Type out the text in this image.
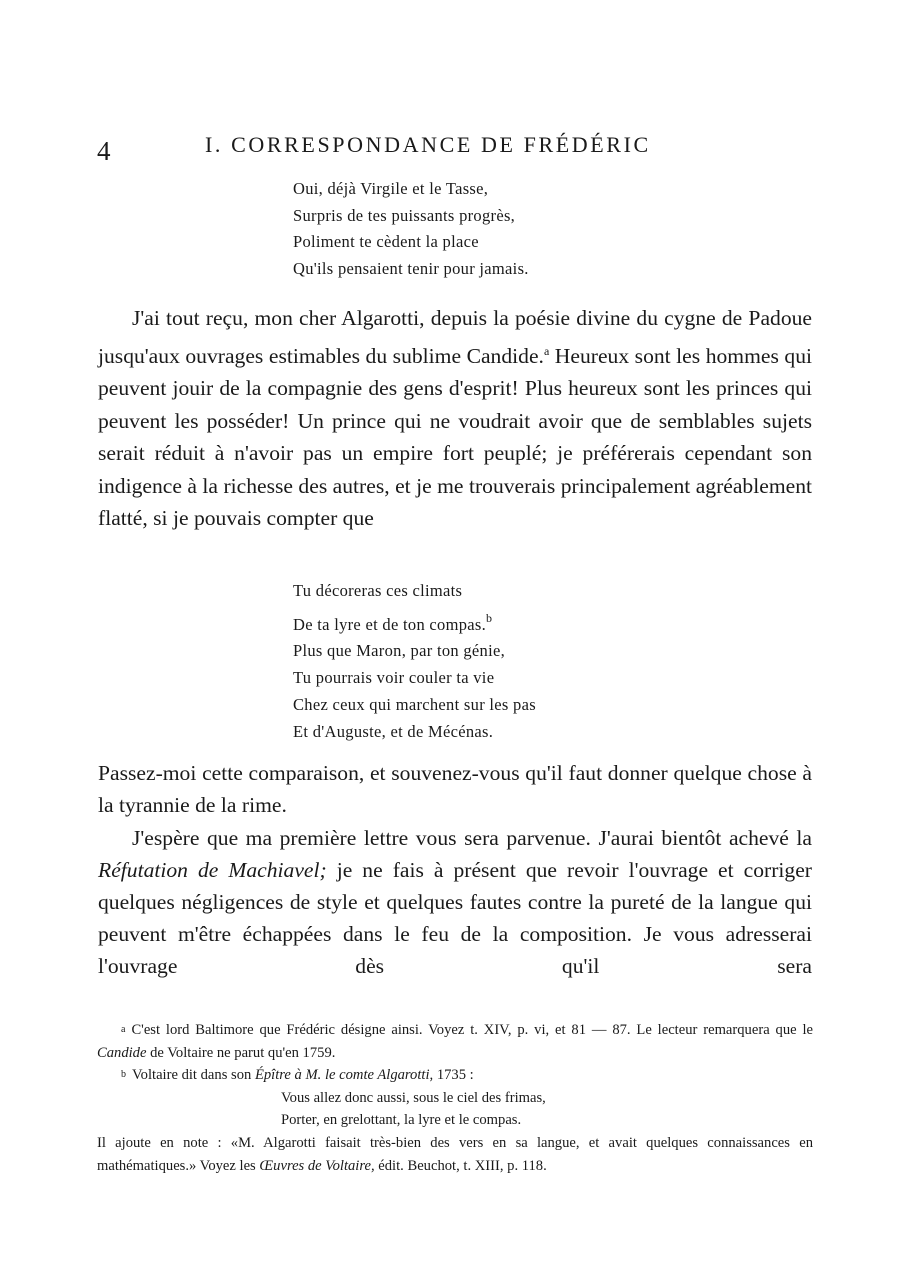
4	I. CORRESPONDANCE DE FRÉDÉRIC
Oui, déjà Virgile et le Tasse,
Surpris de tes puissants progrès,
Poliment te cèdent la place
Qu'ils pensaient tenir pour jamais.
J'ai tout reçu, mon cher Algarotti, depuis la poésie divine du cygne de Padoue jusqu'aux ouvrages estimables du sublime Candide.$^a$ Heureux sont les hommes qui peuvent jouir de la compagnie des gens d'esprit! Plus heureux sont les princes qui peuvent les posséder! Un prince qui ne voudrait avoir que de semblables sujets serait réduit à n'avoir pas un empire fort peuplé; je préférerais cependant son indigence à la richesse des autres, et je me trouverais principalement agréablement flatté, si je pouvais compter que
Tu décoreras ces climats
De ta lyre et de ton compas.$^b$
Plus que Maron, par ton génie,
Tu pourrais voir couler ta vie
Chez ceux qui marchent sur les pas
Et d'Auguste, et de Mécénas.
Passez-moi cette comparaison, et souvenez-vous qu'il faut donner quelque chose à la tyrannie de la rime.
J'espère que ma première lettre vous sera parvenue. J'aurai bientôt achevé la Réfutation de Machiavel; je ne fais à présent que revoir l'ouvrage et corriger quelques négligences de style et quelques fautes contre la pureté de la langue qui peuvent m'être échappées dans le feu de la composition. Je vous adresserai l'ouvrage dès qu'il sera
a C'est lord Baltimore que Frédéric désigne ainsi. Voyez t. XIV, p. vi, et 81 — 87. Le lecteur remarquera que le Candide de Voltaire ne parut qu'en 1759.
b Voltaire dit dans son Épître à M. le comte Algarotti, 1735 :
Vous allez donc aussi, sous le ciel des frimas,
Porter, en grelottant, la lyre et le compas.
Il ajoute en note : «M. Algarotti faisait très-bien des vers en sa langue, et avait quelques connaissances en mathématiques.» Voyez les Œuvres de Voltaire, édit. Beuchot, t. XIII, p. 118.
